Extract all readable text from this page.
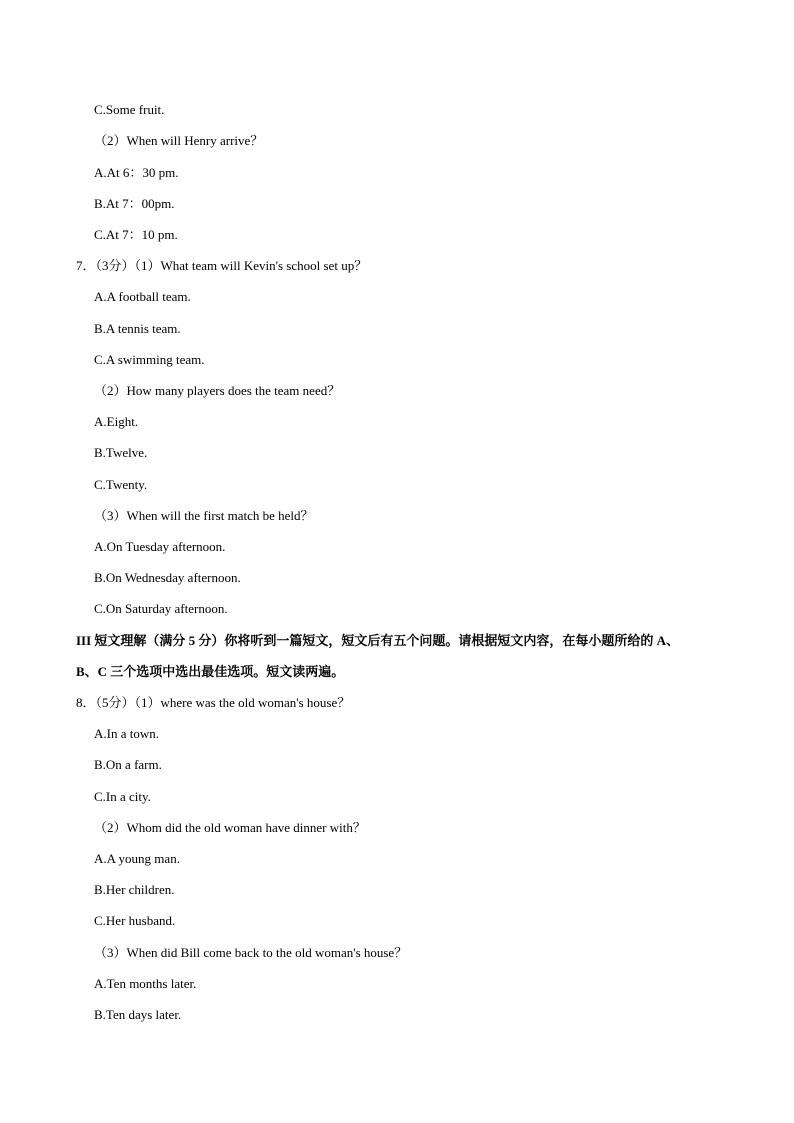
C.Some fruit.
（2）When will Henry arrive？
A.At 6：30 pm.
B.At 7：00pm.
C.At 7：10 pm.
7．（3分）（1）What team will Kevin's school set up？
A.A football team.
B.A tennis team.
C.A swimming team.
（2）How many players does the team need？
A.Eight.
B.Twelve.
C.Twenty.
（3）When will the first match be held？
A.On Tuesday afternoon.
B.On Wednesday afternoon.
C.On Saturday afternoon.
III 短文理解（满分 5 分）你将听到一篇短文，短文后有五个问题。请根据短文内容，在每小题所给的 A、
B、C 三个选项中选出最佳选项。短文读两遍。
8．（5分）（1）where was the old woman's house？
A.In a town.
B.On a farm.
C.In a city.
（2）Whom did the old woman have dinner with？
A.A young man.
B.Her children.
C.Her husband.
（3）When did Bill come back to the old woman's house？
A.Ten months later.
B.Ten days later.
